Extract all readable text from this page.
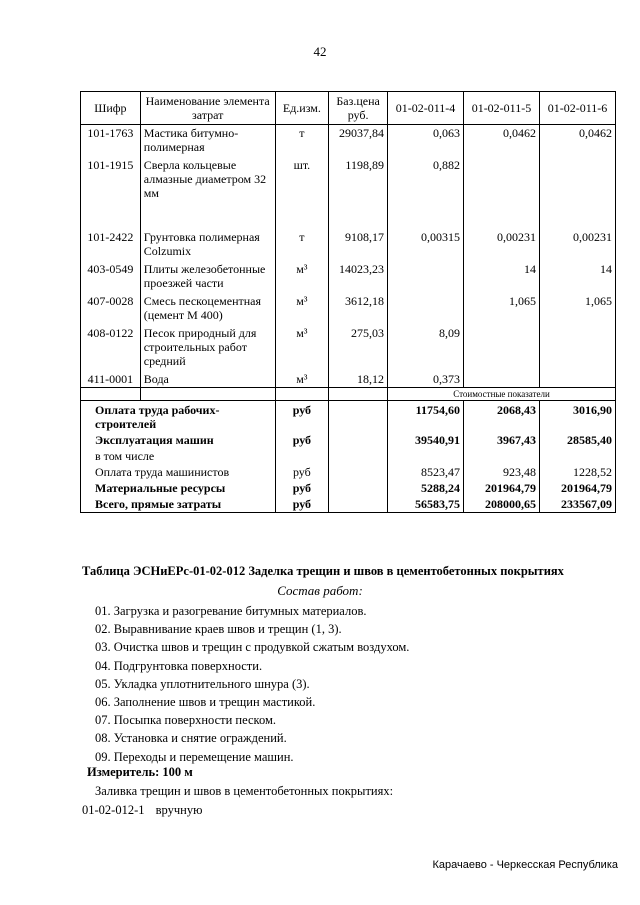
42
Шифр	Наименование элемента затрат	Ед.изм.	Баз.цена руб.	01-02-011-4	01-02-011-5	01-02-011-6
101-1763	Мастика битумно-полимерная	т	29037,84	0,063	0,0462	0,0462
101-1915	Сверла кольцевые алмазные диаметром 32 мм	шт.	1198,89	0,882		
101-2422	Грунтовка полимерная Colzumix	т	9108,17	0,00315	0,00231	0,00231
403-0549	Плиты железобетонные проезжей части	м³	14023,23		14	14
407-0028	Смесь пескоцементная (цемент М 400)	м³	3612,18		1,065	1,065
408-0122	Песок природный для строительных работ средний	м³	275,03	8,09		
411-0001	Вода	м³	18,12	0,373		
				Стоимостные показатели		
Оплата труда рабочих-строителей		руб		11754,60	2068,43	3016,90
Эксплуатация машин		руб		39540,91	3967,43	28585,40
в том числе						
Оплата труда машинистов		руб		8523,47	923,48	1228,52
Материальные ресурсы		руб		5288,24	201964,79	201964,79
Всего, прямые затраты		руб		56583,75	208000,65	233567,09
Таблица ЭСНиЕРс-01-02-012 Заделка трещин и швов в цементобетонных покрытиях
Состав работ:
01. Загрузка и разогревание битумных материалов.
02. Выравнивание краев швов и трещин (1, 3).
03. Очистка швов и трещин с продувкой сжатым воздухом.
04. Подгрунтовка поверхности.
05. Укладка уплотнительного шнура (3).
06. Заполнение швов и трещин мастикой.
07. Посыпка поверхности песком.
08. Установка и снятие ограждений.
09. Переходы и перемещение машин.
Измеритель: 100 м
Заливка трещин и швов в цементобетонных покрытиях:
01-02-012-1 вручную
Карачаево - Черкесская Республика
